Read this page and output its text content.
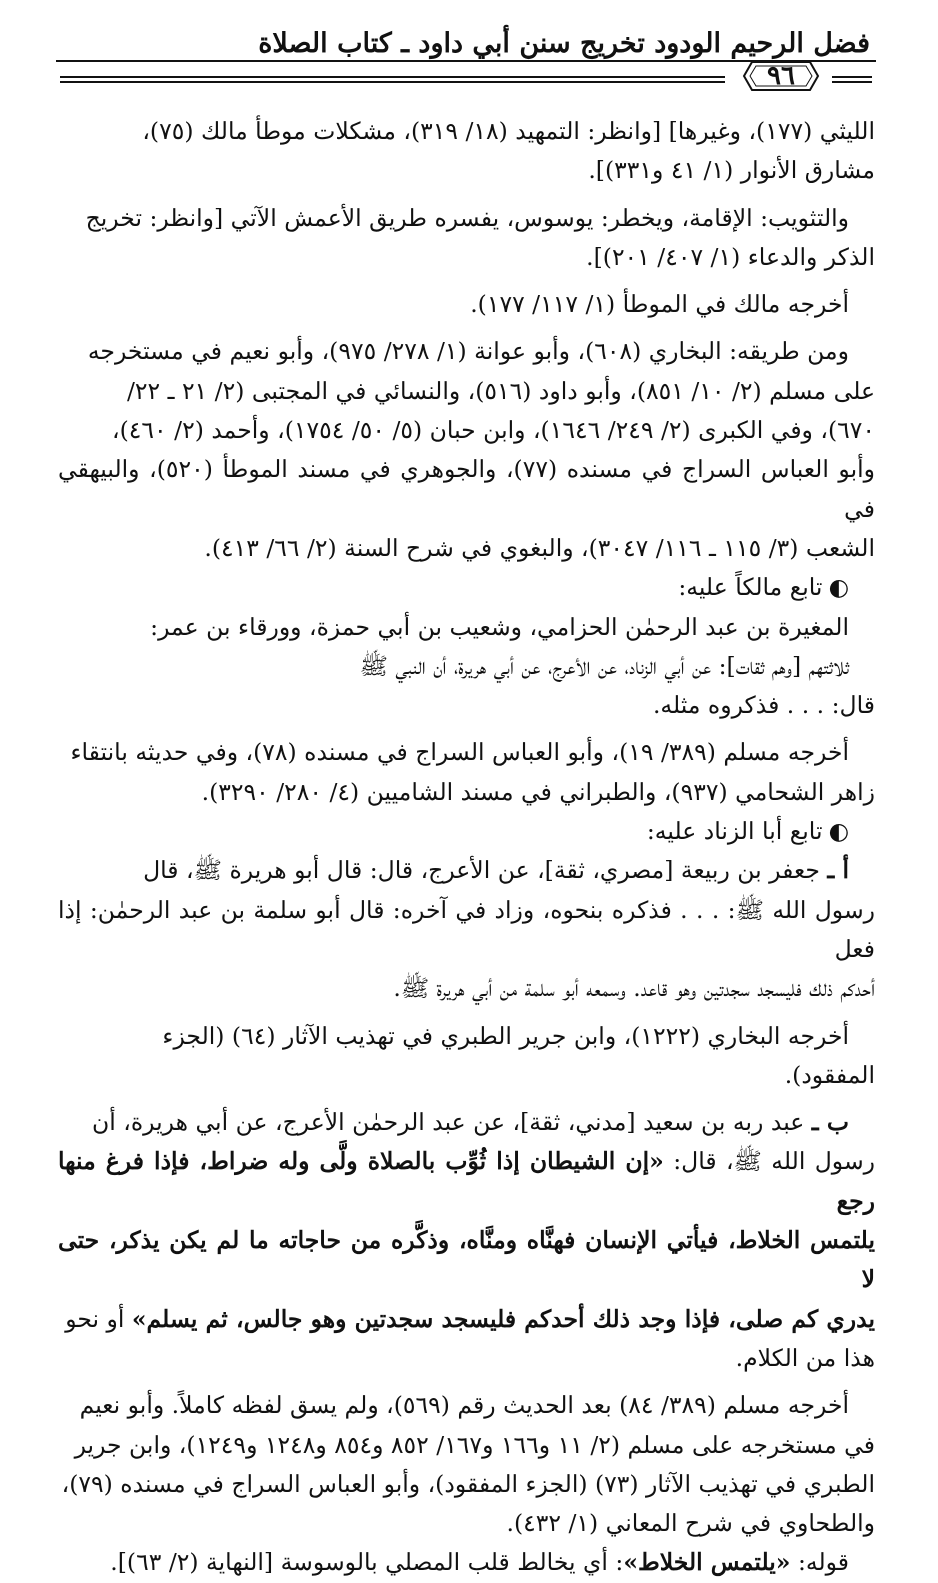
فضل الرحيم الودود تخريج سنن أبي داود ـ كتاب الصلاة
٩٦

الليثي (١٧٧)، وغيرها] [وانظر: التمهيد (١٨/ ٣١٩)، مشكلات موطأ مالك (٧٥)،

مشارق الأنوار (١/ ٤١ و٣٣١)].

والتثويب: الإقامة، ويخطر: يوسوس، يفسره طريق الأعمش الآتي [وانظر: تخريج

الذكر والدعاء (١/ ٤٠٧/ ٢٠١)].

أخرجه مالك في الموطأ (١/ ١١٧/ ١٧٧).

ومن طريقه: البخاري (٦٠٨)، وأبو عوانة (١/ ٢٧٨/ ٩٧٥)، وأبو نعيم في مستخرجه

على مسلم (٢/ ١٠/ ٨٥١)، وأبو داود (٥١٦)، والنسائي في المجتبى (٢/ ٢١ ـ ٢٢/

٦٧٠)، وفي الكبرى (٢/ ٢٤٩/ ١٦٤٦)، وابن حبان (٥/ ٥٠/ ١٧٥٤)، وأحمد (٢/ ٤٦٠)،

وأبو العباس السراج في مسنده (٧٧)، والجوهري في مسند الموطأ (٥٢٠)، والبيهقي في

الشعب (٣/ ١١٥ ـ ١١٦/ ٣٠٤٧)، والبغوي في شرح السنة (٢/ ٦٦/ ٤١٣).

◐تابع مالكاً عليه:

المغيرة بن عبد الرحمٰن الحزامي، وشعيب بن أبي حمزة، وورقاء بن عمر:

ثلاثتهم [وهم ثقات]: عن أبي الزناد، عن الأعرج، عن أبي هريرة، أن النبي ﷺ

قال: . . . فذكروه مثله.

أخرجه مسلم (٣٨٩/ ١٩)، وأبو العباس السراج في مسنده (٧٨)، وفي حديثه بانتقاء

زاهر الشحامي (٩٣٧)، والطبراني في مسند الشاميين (٤/ ٢٨٠/ ٣٢٩٠).

◐تابع أبا الزناد عليه:

أ ـ جعفر بن ربيعة [مصري، ثقة]، عن الأعرج، قال: قال أبو هريرة ﷺ، قال

رسول الله ﷺ: . . . فذكره بنحوه، وزاد في آخره: قال أبو سلمة بن عبد الرحمٰن: إذا فعل

أحدكم ذلك فليسجد سجدتين وهو قاعد. وسمعه أبو سلمة من أبي هريرة ﷺ.

أخرجه البخاري (١٢٢٢)، وابن جرير الطبري في تهذيب الآثار (٦٤) (الجزء

المفقود).

ب ـ عبد ربه بن سعيد [مدني، ثقة]، عن عبد الرحمٰن الأعرج، عن أبي هريرة، أن

رسول الله ﷺ، قال: «إن الشيطان إذا ثُوِّب بالصلاة ولَّى وله ضراط، فإذا فرغ منها رجع

يلتمس الخلاط، فيأتي الإنسان فهنَّاه ومنَّاه، وذكَّره من حاجاته ما لم يكن يذكر، حتى لا

يدري كم صلى، فإذا وجد ذلك أحدكم فليسجد سجدتين وهو جالس، ثم يسلم» أو نحو

هذا من الكلام.

أخرجه مسلم (٣٨٩/ ٨٤) بعد الحديث رقم (٥٦٩)، ولم يسق لفظه كاملاً. وأبو نعيم

في مستخرجه على مسلم (٢/ ١١ و١٦٦ و١٦٧/ ٨٥٢ و٨٥٤ و١٢٤٨ و١٢٤٩)، وابن جرير

الطبري في تهذيب الآثار (٧٣) (الجزء المفقود)، وأبو العباس السراج في مسنده (٧٩)،

والطحاوي في شرح المعاني (١/ ٤٣٢).

قوله: «يلتمس الخلاط»: أي يخالط قلب المصلي بالوسوسة [النهاية (٢/ ٦٣)].
